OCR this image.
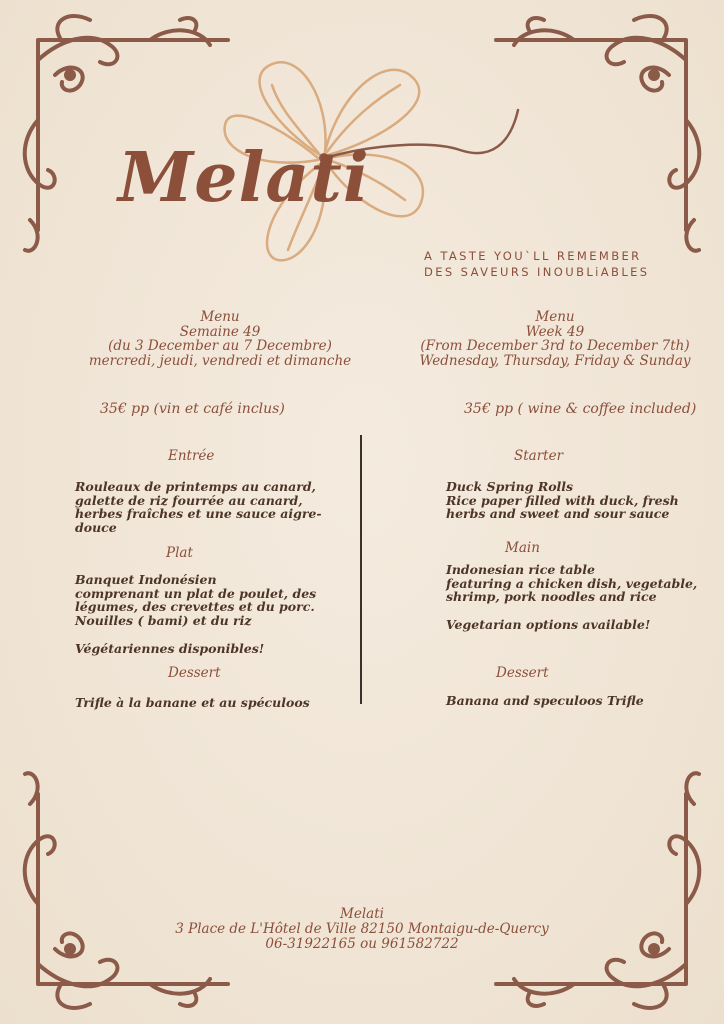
Melati
A TASTE YOU`LL REMEMBER
DES SAVEURS INOUBLiABLES
Menu
Semaine 49
(du 3 December au 7 Decembre)
mercredi, jeudi, vendredi et dimanche
Menu
Week 49
(From December 3rd to December 7th)
Wednesday, Thursday, Friday & Sunday
35€ pp (vin et café inclus)	35€ pp ( wine & coffee included)
Entrée
Rouleaux de printemps au canard,
galette de riz fourrée au canard,
herbes fraîches et une sauce aigre-
douce
Plat
Banquet Indonésien
comprenant un plat de poulet, des
légumes, des crevettes et du porc.
Nouilles ( bami) et du riz
Végétariennes disponibles!
Dessert
Trifle à la banane et au spéculoos
Starter
Duck Spring Rolls
Rice paper filled with duck, fresh
herbs and sweet and sour sauce
Main
Indonesian rice table
featuring a chicken dish, vegetable,
shrimp, pork noodles and rice
Vegetarian options available!
Dessert
Banana and speculoos Trifle
Melati
3 Place de L'Hôtel de Ville 82150 Montaigu-de-Quercy
06-31922165 ou 961582722
